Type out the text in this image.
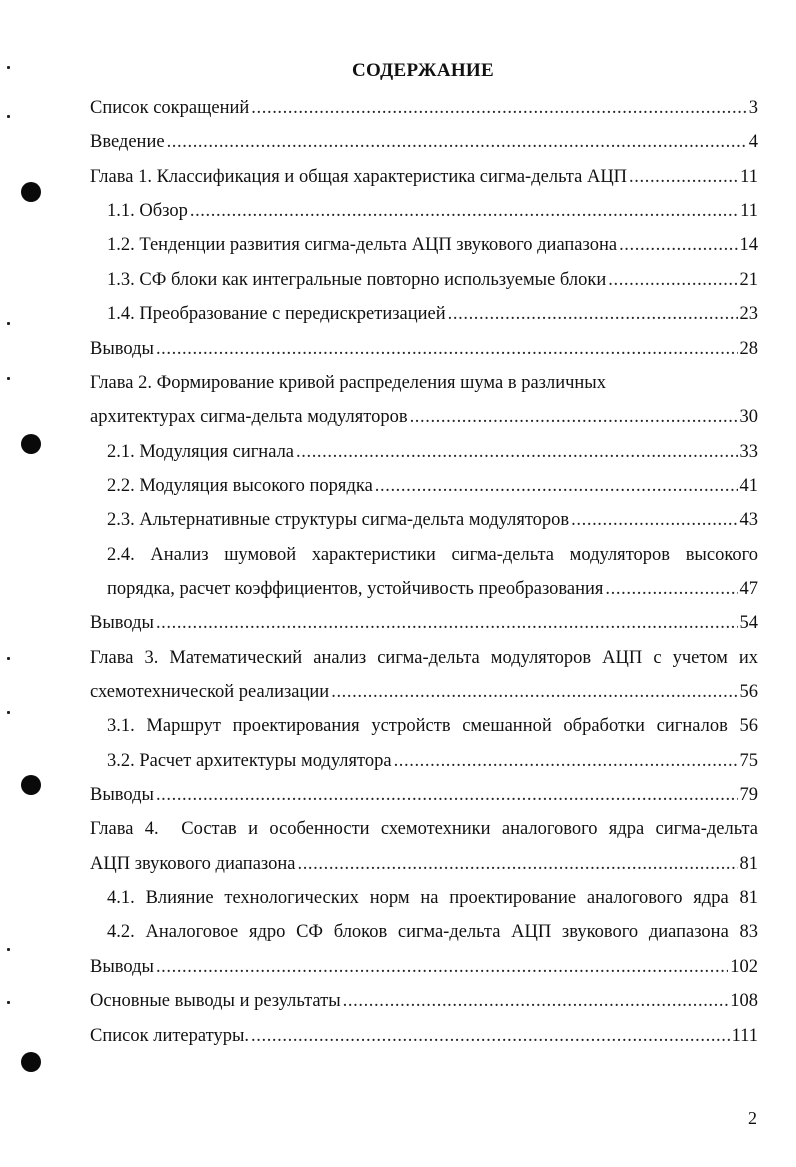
СОДЕРЖАНИЕ
Список сокращений .....	3
Введение .....	4
Глава 1. Классификация и общая характеристика сигма-дельта АЦП .....	11
1.1. Обзор .....	11
1.2. Тенденции развития сигма-дельта АЦП звукового диапазона .....	14
1.3. СФ блоки как интегральные повторно используемые блоки .....	21
1.4. Преобразование с передискретизацией .....	23
Выводы .....	28
Глава 2. Формирование кривой распределения шума в различных
архитектурах сигма-дельта модуляторов .....	30
2.1. Модуляция сигнала .....	33
2.2. Модуляция высокого порядка .....	41
2.3. Альтернативные структуры сигма-дельта модуляторов .....	43
2.4. Анализ шумовой характеристики сигма-дельта модуляторов высокого
порядка, расчет коэффициентов, устойчивость преобразования .....	47
Выводы .....	54
Глава 3. Математический анализ сигма-дельта модуляторов АЦП с учетом их
схемотехнической реализации .....	56
3.1. Маршрут проектирования устройств смешанной обработки сигналов 56
3.2. Расчет архитектуры модулятора .....	75
Выводы .....	79
Глава 4.  Состав и особенности схемотехники аналогового ядра сигма-дельта
АЦП звукового диапазона .....	81
4.1. Влияние технологических норм на проектирование аналогового ядра 81
4.2. Аналоговое ядро СФ блоков сигма-дельта АЦП звукового диапазона 83
Выводы .....	102
Основные выводы и результаты .....	108
Список литературы. .....	111
2
